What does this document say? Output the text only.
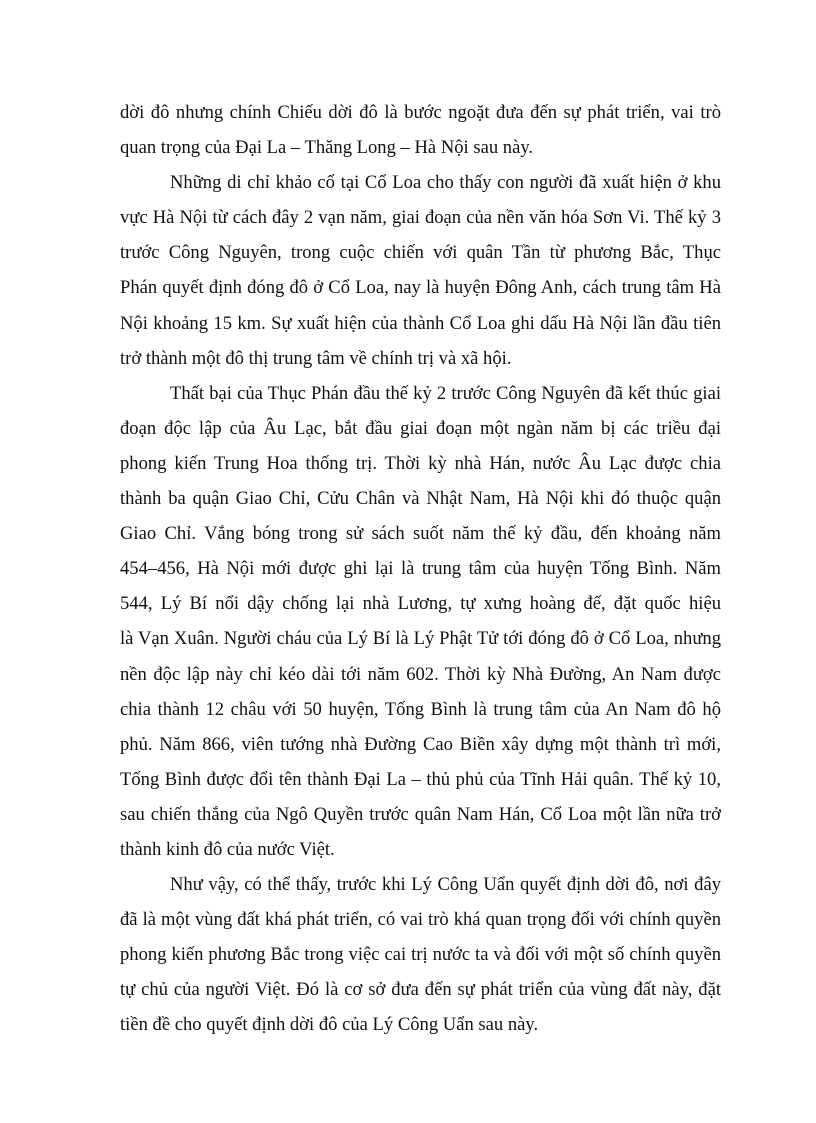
dời đô nhưng chính Chiếu dời đô là bước ngoặt đưa đến sự phát triển, vai trò
quan trọng của Đại La – Thăng Long – Hà Nội sau này.
Những di chỉ khảo cổ tại Cổ Loa cho thấy con người đã xuất hiện ở khu
vực Hà Nội từ cách đây 2 vạn năm, giai đoạn của nền văn hóa Sơn Vi. Thế kỷ 3
trước Công Nguyên, trong cuộc chiến với quân Tần từ phương Bắc, Thục
Phán quyết định đóng đô ở Cổ Loa, nay là huyện Đông Anh, cách trung tâm Hà
Nội khoảng 15 km. Sự xuất hiện của thành Cổ Loa ghi dấu Hà Nội lần đầu tiên
trở thành một đô thị trung tâm về chính trị và xã hội.
Thất bại của Thục Phán đầu thế kỷ 2 trước Công Nguyên đã kết thúc giai
đoạn độc lập của Âu Lạc, bắt đầu giai đoạn một ngàn năm bị các triều đại
phong kiến Trung Hoa thống trị. Thời kỳ nhà Hán, nước Âu Lạc được chia
thành ba quận Giao Chỉ, Cửu Chân và Nhật Nam, Hà Nội khi đó thuộc quận
Giao Chỉ. Vắng bóng trong sử sách suốt năm thế kỷ đầu, đến khoảng năm
454–456, Hà Nội mới được ghi lại là trung tâm của huyện Tống Bình. Năm
544, Lý Bí nổi dậy chống lại nhà Lương, tự xưng hoàng đế, đặt quốc hiệu
là Vạn Xuân. Người cháu của Lý Bí là Lý Phật Tử tới đóng đô ở Cổ Loa, nhưng
nền độc lập này chỉ kéo dài tới năm 602. Thời kỳ Nhà Đường, An Nam được
chia thành 12 châu với 50 huyện, Tống Bình là trung tâm của An Nam đô hộ
phủ. Năm 866, viên tướng nhà Đường Cao Biền xây dựng một thành trì mới,
Tống Bình được đổi tên thành Đại La – thủ phủ của Tĩnh Hải quân. Thế kỷ 10,
sau chiến thắng của Ngô Quyền trước quân Nam Hán, Cổ Loa một lần nữa trở
thành kinh đô của nước Việt.
Như vậy, có thể thấy, trước khi Lý Công Uẩn quyết định dời đô, nơi đây
đã là một vùng đất khá phát triển, có vai trò khá quan trọng đối với chính quyền
phong kiến phương Bắc trong việc cai trị nước ta và đối với một số chính quyền
tự chủ của người Việt. Đó là cơ sở đưa đến sự phát triển của vùng đất này, đặt
tiền đề cho quyết định dời đô của Lý Công Uẩn sau này.
